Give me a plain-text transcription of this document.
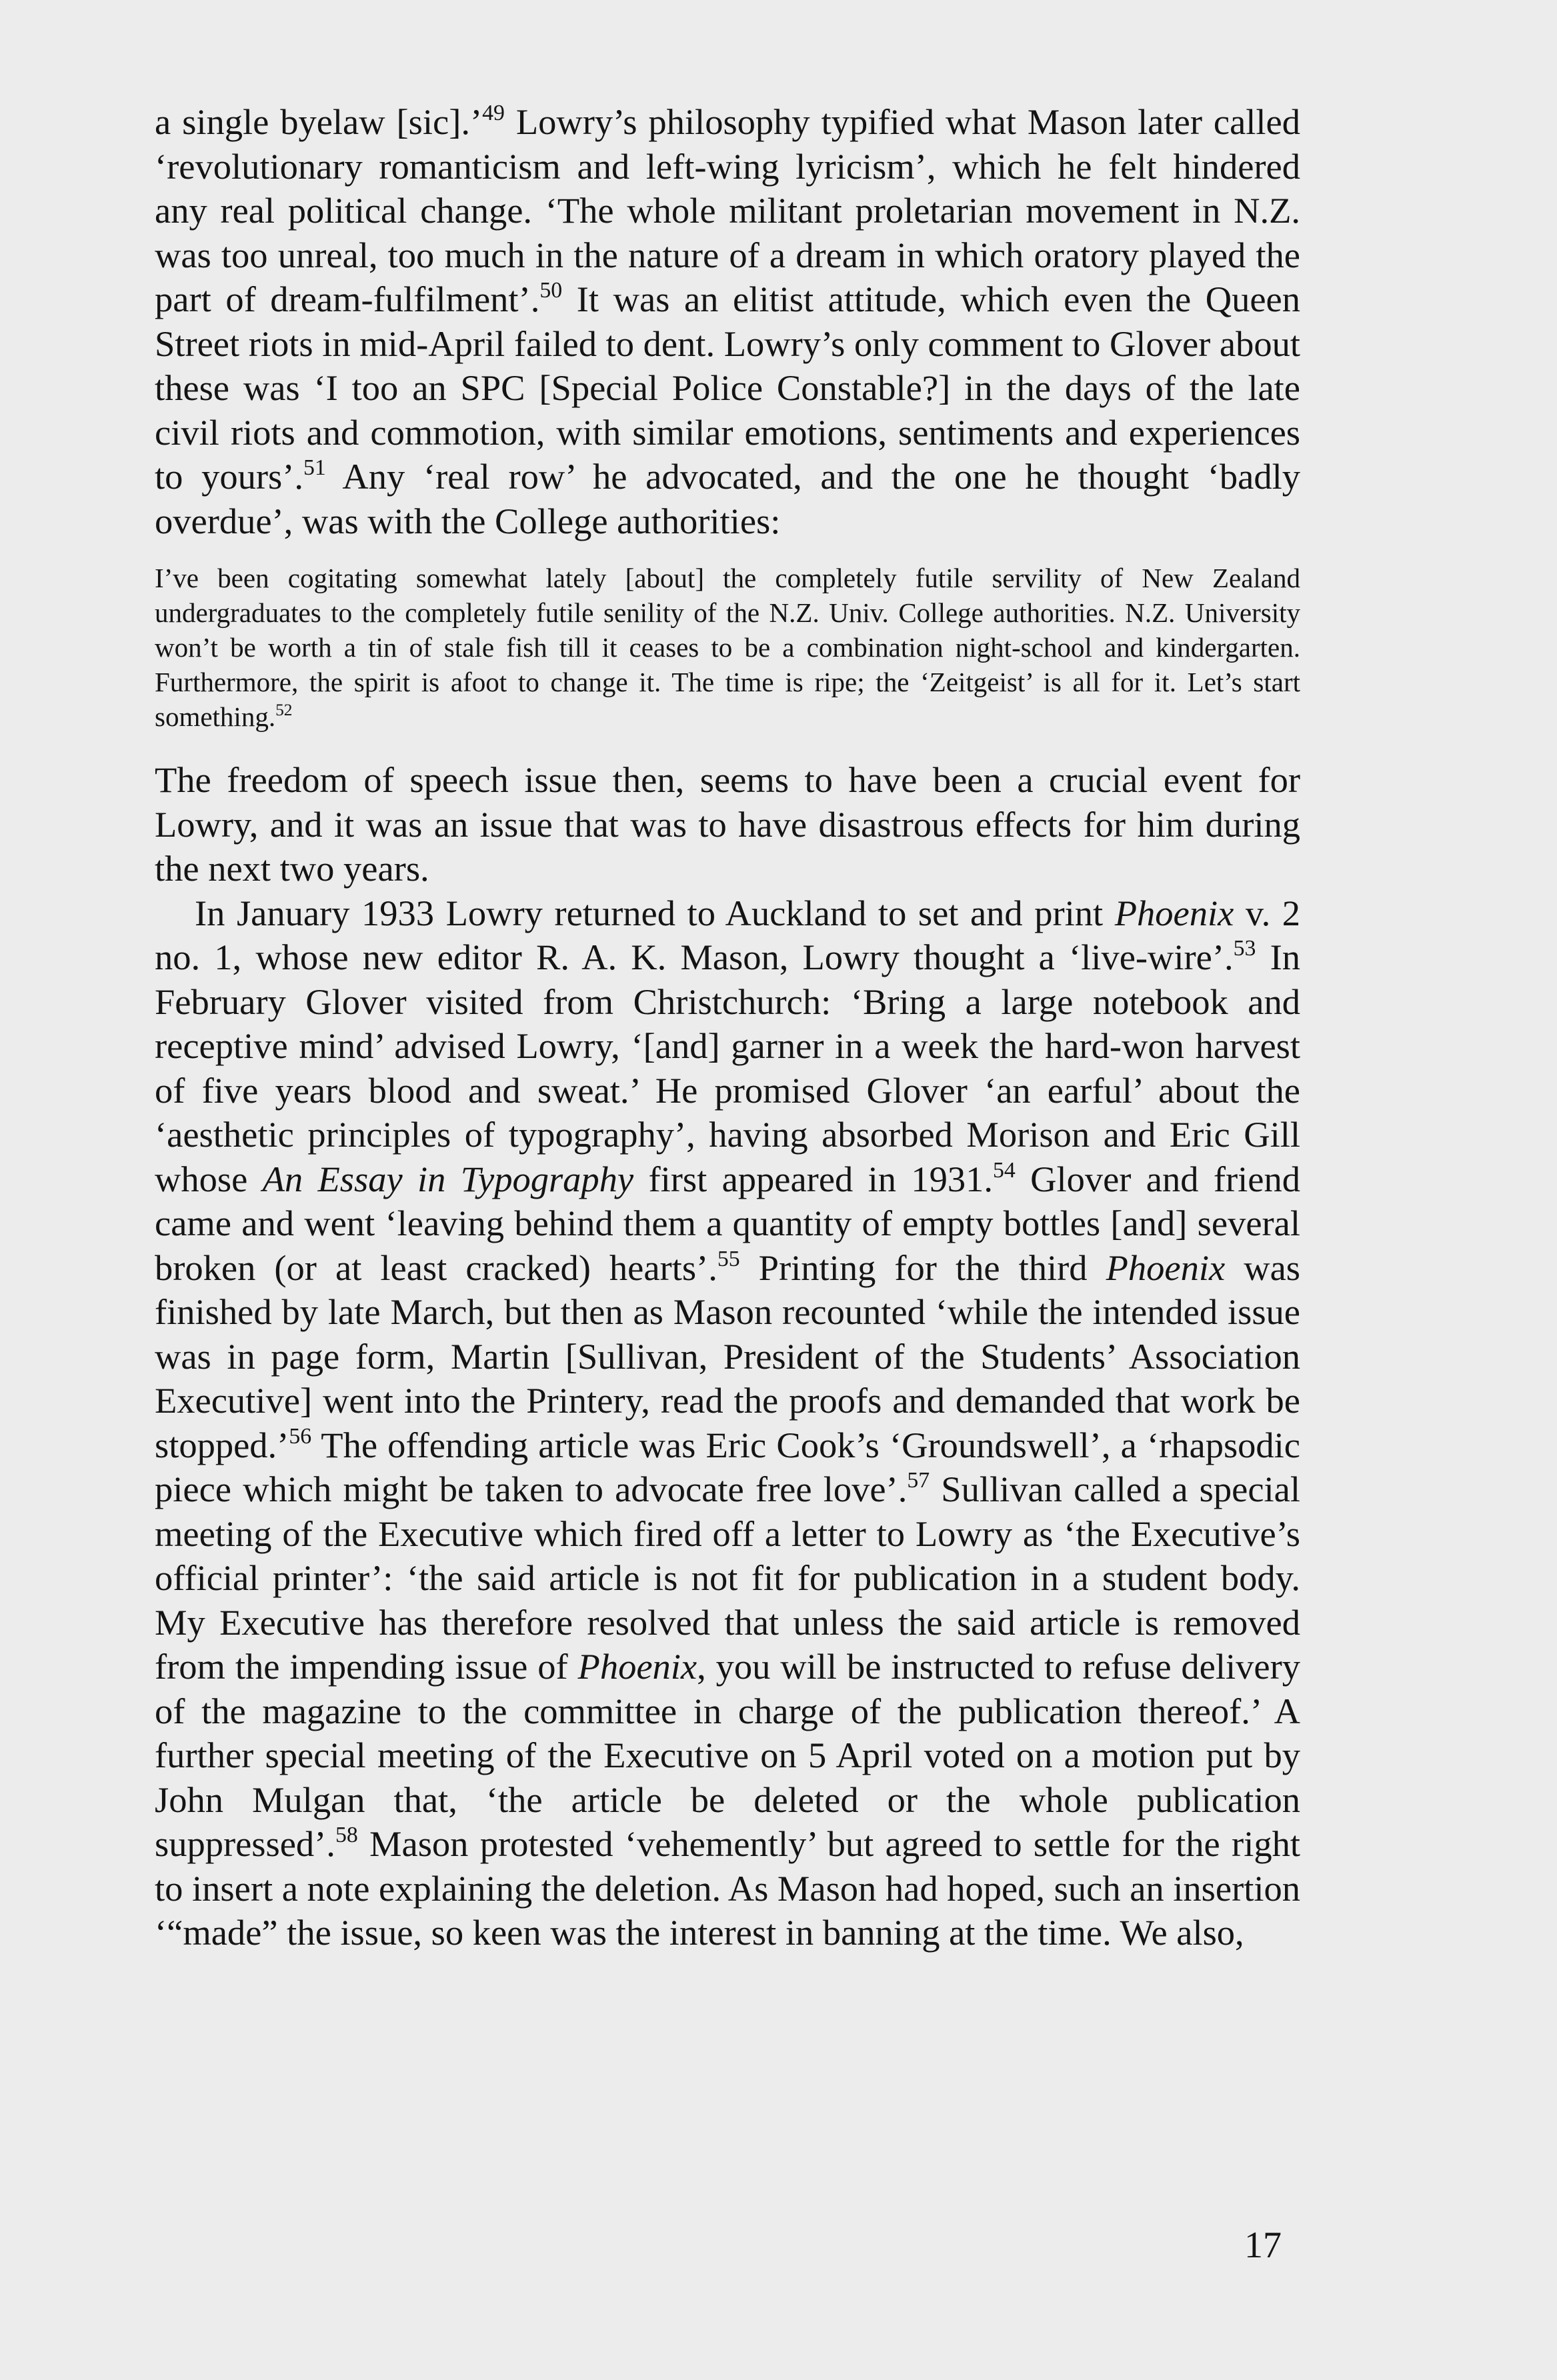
a single byelaw [sic].’$^{49}$ Lowry’s philosophy typified what Mason later called ‘revolutionary romanticism and left-wing lyricism’, which he felt hindered any real political change. ‘The whole militant proletarian movement in N.Z. was too unreal, too much in the nature of a dream in which oratory played the part of dream-fulfilment’.$^{50}$ It was an elitist attitude, which even the Queen Street riots in mid-April failed to dent. Lowry’s only comment to Glover about these was ‘I too an SPC [Special Police Constable?] in the days of the late civil riots and commotion, with similar emotions, sentiments and experiences to yours’.$^{51}$ Any ‘real row’ he advocated, and the one he thought ‘badly overdue’, was with the College authorities:

I’ve been cogitating somewhat lately [about] the completely futile servility of New Zealand undergraduates to the completely futile senility of the N.Z. Univ. College authorities. N.Z. University won’t be worth a tin of stale fish till it ceases to be a combination night-school and kindergarten. Furthermore, the spirit is afoot to change it. The time is ripe; the ‘Zeitgeist’ is all for it. Let’s start something.$^{52}$

The freedom of speech issue then, seems to have been a crucial event for Lowry, and it was an issue that was to have disastrous effects for him during the next two years.

In January 1933 Lowry returned to Auckland to set and print Phoenix v. 2 no. 1, whose new editor R. A. K. Mason, Lowry thought a ‘live-wire’.$^{53}$ In February Glover visited from Christchurch: ‘Bring a large notebook and receptive mind’ advised Lowry, ‘[and] garner in a week the hard-won harvest of five years blood and sweat.’ He promised Glover ‘an earful’ about the ‘aesthetic principles of typography’, having absorbed Morison and Eric Gill whose An Essay in Typography first appeared in 1931.54 Glover and friend came and went ‘leaving behind them a quantity of empty bottles [and] several broken (or at least cracked) hearts’.$^{55}$ Printing for the third Phoenix was finished by late March, but then as Mason recounted ‘while the intended issue was in page form, Martin [Sullivan, President of the Students’ Association Executive] went into the Printery, read the proofs and demanded that work be stopped.’$^{56}$ The offending article was Eric Cook’s ‘Groundswell’, a ‘rhapsodic piece which might be taken to advocate free love’.$^{57}$ Sullivan called a special meeting of the Executive which fired off a letter to Lowry as ‘the Executive’s official printer’: ‘the said article is not fit for publication in a student body. My Executive has therefore resolved that unless the said article is removed from the impending issue of Phoenix, you will be instructed to refuse delivery of the magazine to the committee in charge of the publication thereof.’ A further special meeting of the Executive on 5 April voted on a motion put by John Mulgan that, ‘the article be deleted or the whole publication suppressed’.$^{58}$ Mason protested ‘vehemently’ but agreed to settle for the right to insert a note explaining the deletion. As Mason had hoped, such an insertion ‘“made” the issue, so keen was the interest in banning at the time. We also,

17
